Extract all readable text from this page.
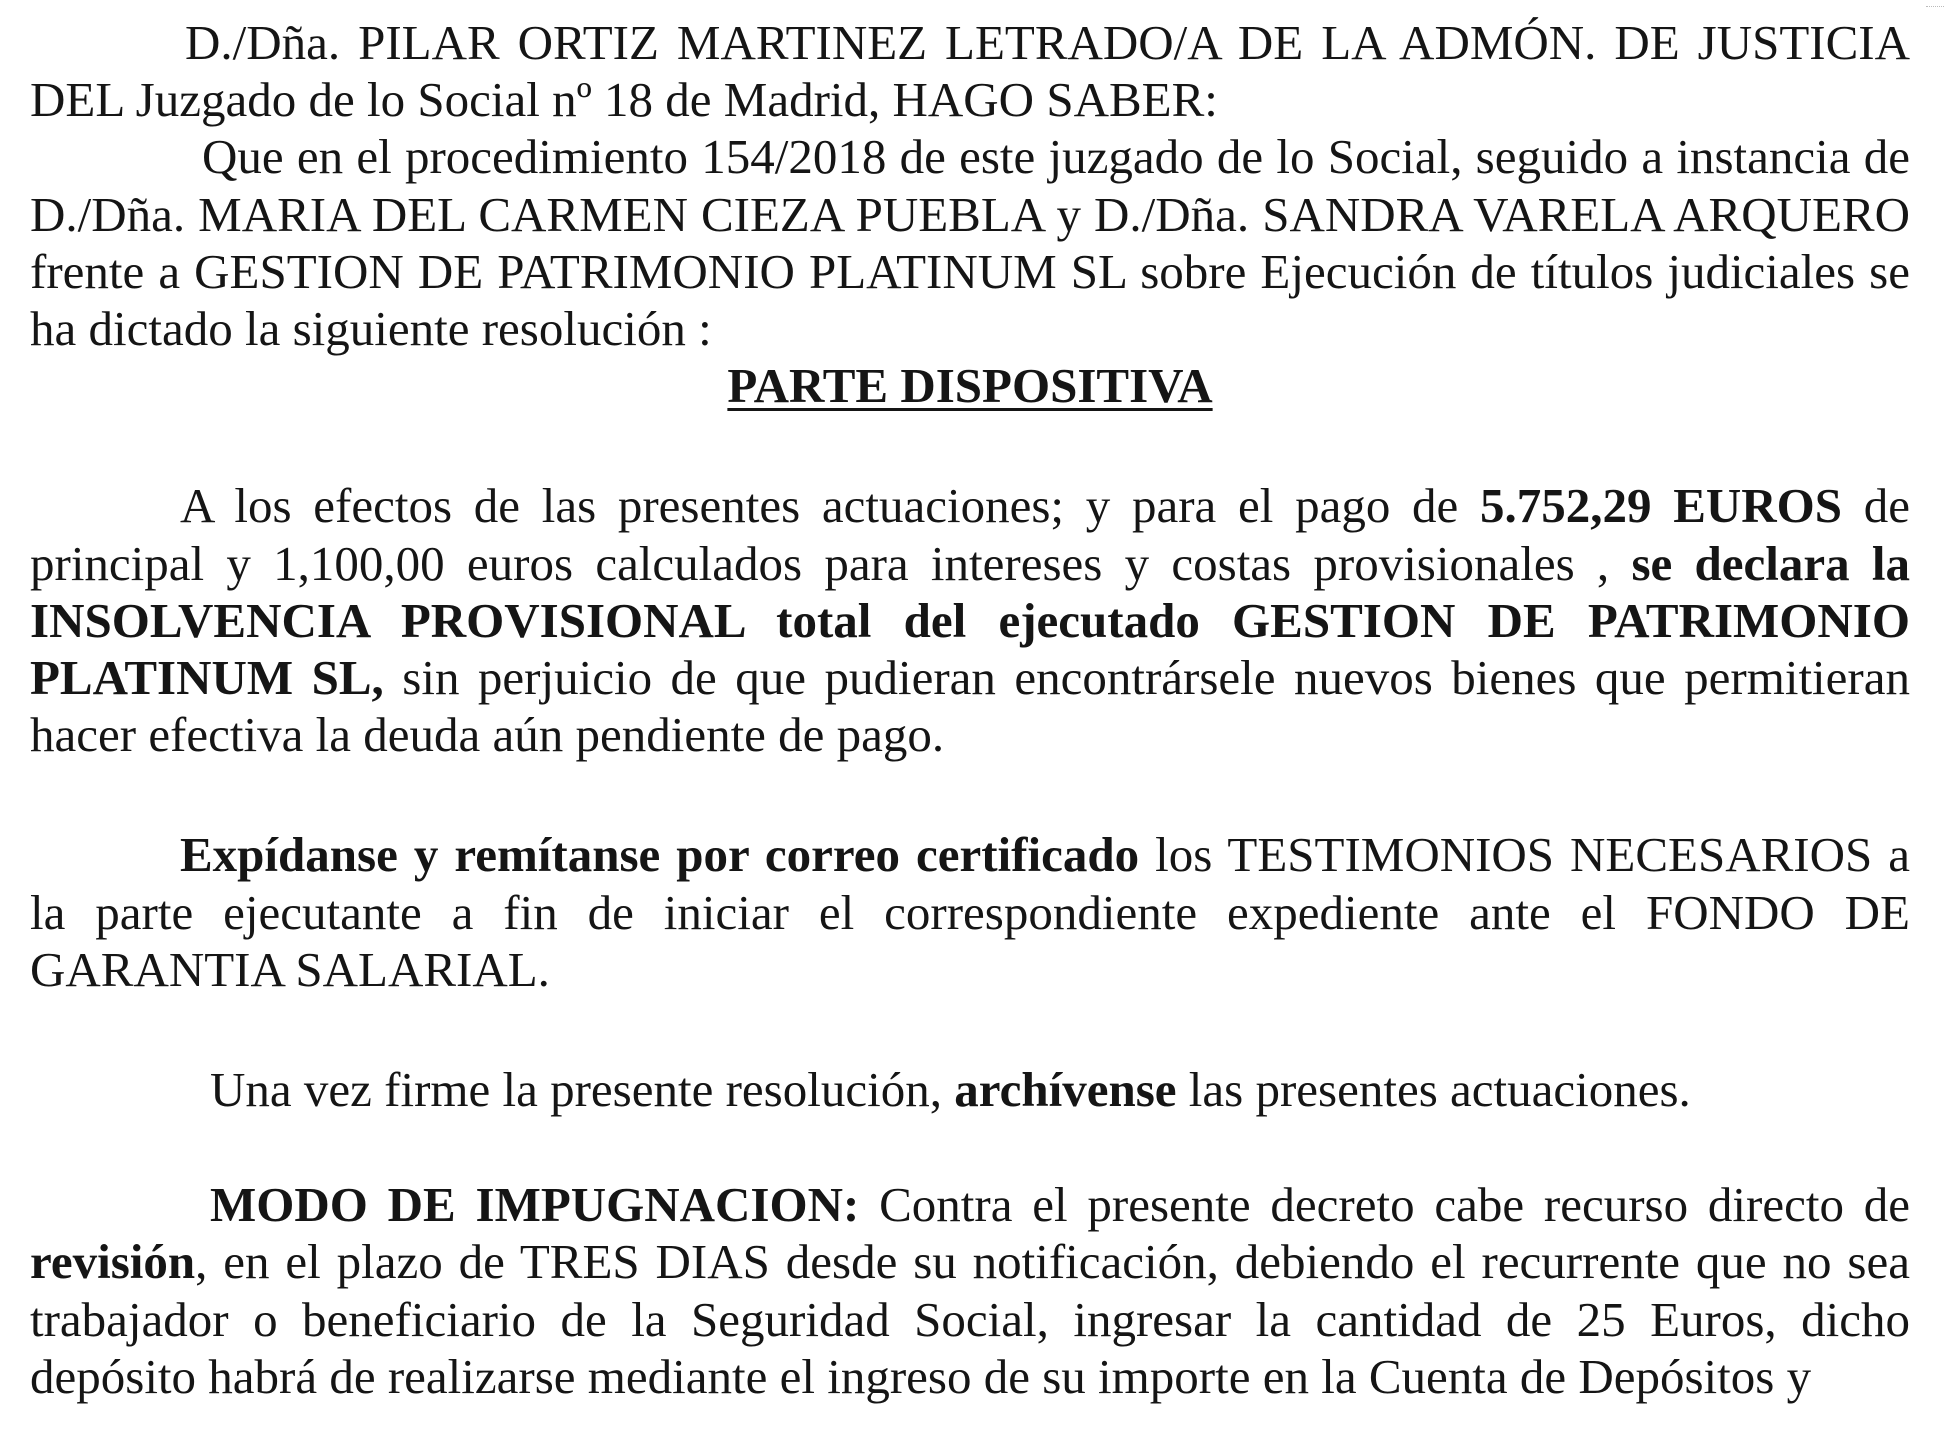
D./Dña. PILAR ORTIZ MARTINEZ LETRADO/A DE LA ADMÓN. DE JUSTICIA DEL Juzgado de lo Social nº 18 de Madrid, HAGO SABER:

Que en el procedimiento 154/2018 de este juzgado de lo Social, seguido a instancia de D./Dña. MARIA DEL CARMEN CIEZA PUEBLA y D./Dña. SANDRA VARELA ARQUERO frente a GESTION DE PATRIMONIO PLATINUM SL sobre Ejecución de títulos judiciales se ha dictado la siguiente resolución :

PARTE DISPOSITIVA

A los efectos de las presentes actuaciones; y para el pago de 5.752,29 EUROS de principal y 1,100,00 euros calculados para intereses y costas provisionales , se declara la INSOLVENCIA PROVISIONAL total del ejecutado GESTION DE PATRIMONIO PLATINUM SL, sin perjuicio de que pudieran encontrársele nuevos bienes que permitieran hacer efectiva la deuda aún pendiente de pago.

Expídanse y remítanse por correo certificado los TESTIMONIOS NECESARIOS a la parte ejecutante a fin de iniciar el correspondiente expediente ante el FONDO DE GARANTIA SALARIAL.

Una vez firme la presente resolución, archívense las presentes actuaciones.

MODO DE IMPUGNACION: Contra el presente decreto cabe recurso directo de revisión, en el plazo de TRES DIAS desde su notificación, debiendo el recurrente que no sea trabajador o beneficiario de la Seguridad Social, ingresar la cantidad de 25 Euros, dicho depósito habrá de realizarse mediante el ingreso de su importe en la Cuenta de Depósitos y
